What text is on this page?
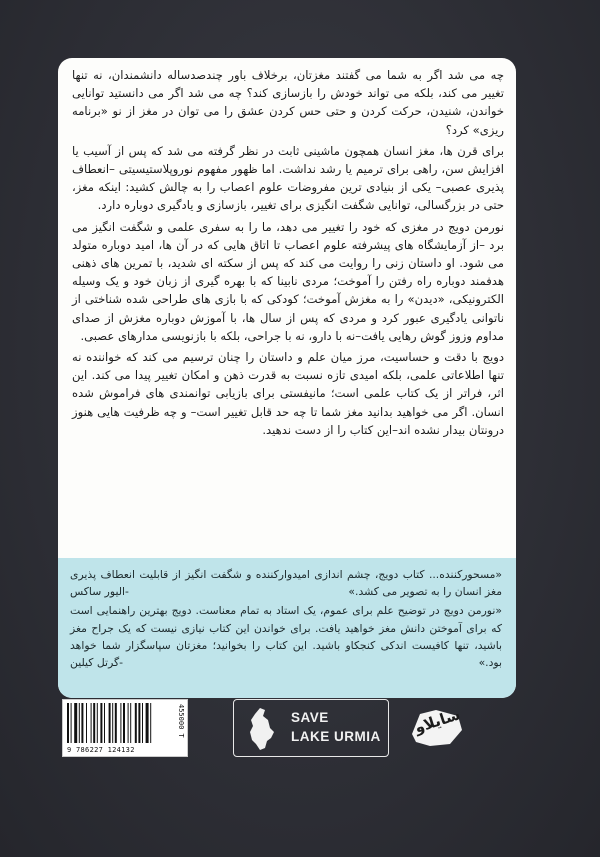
چه می شد اگر به شما می گفتند مغزتان، برخلاف باور چندصدساله دانشمندان، نه تنها تغییر می کند، بلکه می تواند خودش را بازسازی کند؟ چه می شد اگر می دانستید توانایی خواندن، شنیدن، حرکت کردن و حتی حس کردن عشق را می توان در مغز از نو «برنامه ریزی» کرد؟

برای قرن ها، مغز انسان همچون ماشینی ثابت در نظر گرفته می شد که پس از آسیب یا افزایش سن، راهی برای ترمیم یا رشد نداشت. اما ظهور مفهوم نوروپلاستیسیتی –انعطاف پذیری عصبی– یکی از بنیادی ترین مفروضات علوم اعصاب را به چالش کشید: اینکه مغز، حتی در بزرگسالی، توانایی شگفت انگیزی برای تغییر، بازسازی و یادگیری دوباره دارد.

نورمن دویج در مغزی که خود را تغییر می دهد، ما را به سفری علمی و شگفت انگیز می برد –از آزمایشگاه های پیشرفته علوم اعصاب تا اتاق هایی که در آن ها، امید دوباره متولد می شود. او داستان زنی را روایت می کند که پس از سکته ای شدید، با تمرین های ذهنی هدفمند دوباره راه رفتن را آموخت؛ مردی نابینا که با بهره گیری از زبان خود و یک وسیله الکترونیکی، «دیدن» را به مغزش آموخت؛ کودکی که با بازی های طراحی شده شناختی از ناتوانی یادگیری عبور کرد و مردی که پس از سال ها، با آموزش دوباره مغزش از صدای مداوم وزوز گوش رهایی یافت–نه با دارو، نه با جراحی، بلکه با بازنویسی مدارهای عصبی.

دویج با دقت و حساسیت، مرز میان علم و داستان را چنان ترسیم می کند که خواننده نه تنها اطلاعاتی علمی، بلکه امیدی تازه نسبت به قدرت ذهن و امکان تغییر پیدا می کند. این اثر، فراتر از یک کتاب علمی است؛ مانیفستی برای بازیابی توانمندی های فراموش شده انسان. اگر می خواهید بدانید مغز شما تا چه حد قابل تغییر است– و چه ظرفیت هایی هنوز درونتان بیدار نشده اند–این کتاب را از دست ندهید.

«مسحورکننده... کتاب دویج، چشم اندازی امیدوارکننده و شگفت انگیز از قابلیت انعطاف پذیری مغز انسان را به تصویر می کشد.»
-الیور ساکس

«نورمن دویج در توضیح علم برای عموم، یک استاد به تمام معناست. دویج بهترین راهنمایی است که برای آموختن دانش مغز خواهید یافت. برای خواندن این کتاب نیازی نیست که یک جراح مغز باشید، تنها کافیست اندکی کنجکاو باشید. این کتاب را بخوانید؛ مغزتان سپاسگزار شما خواهد بود.»
-گرتل کیلین

9 786227 124132
455000 T	SAVE
LAKE URMIA سایلاو
